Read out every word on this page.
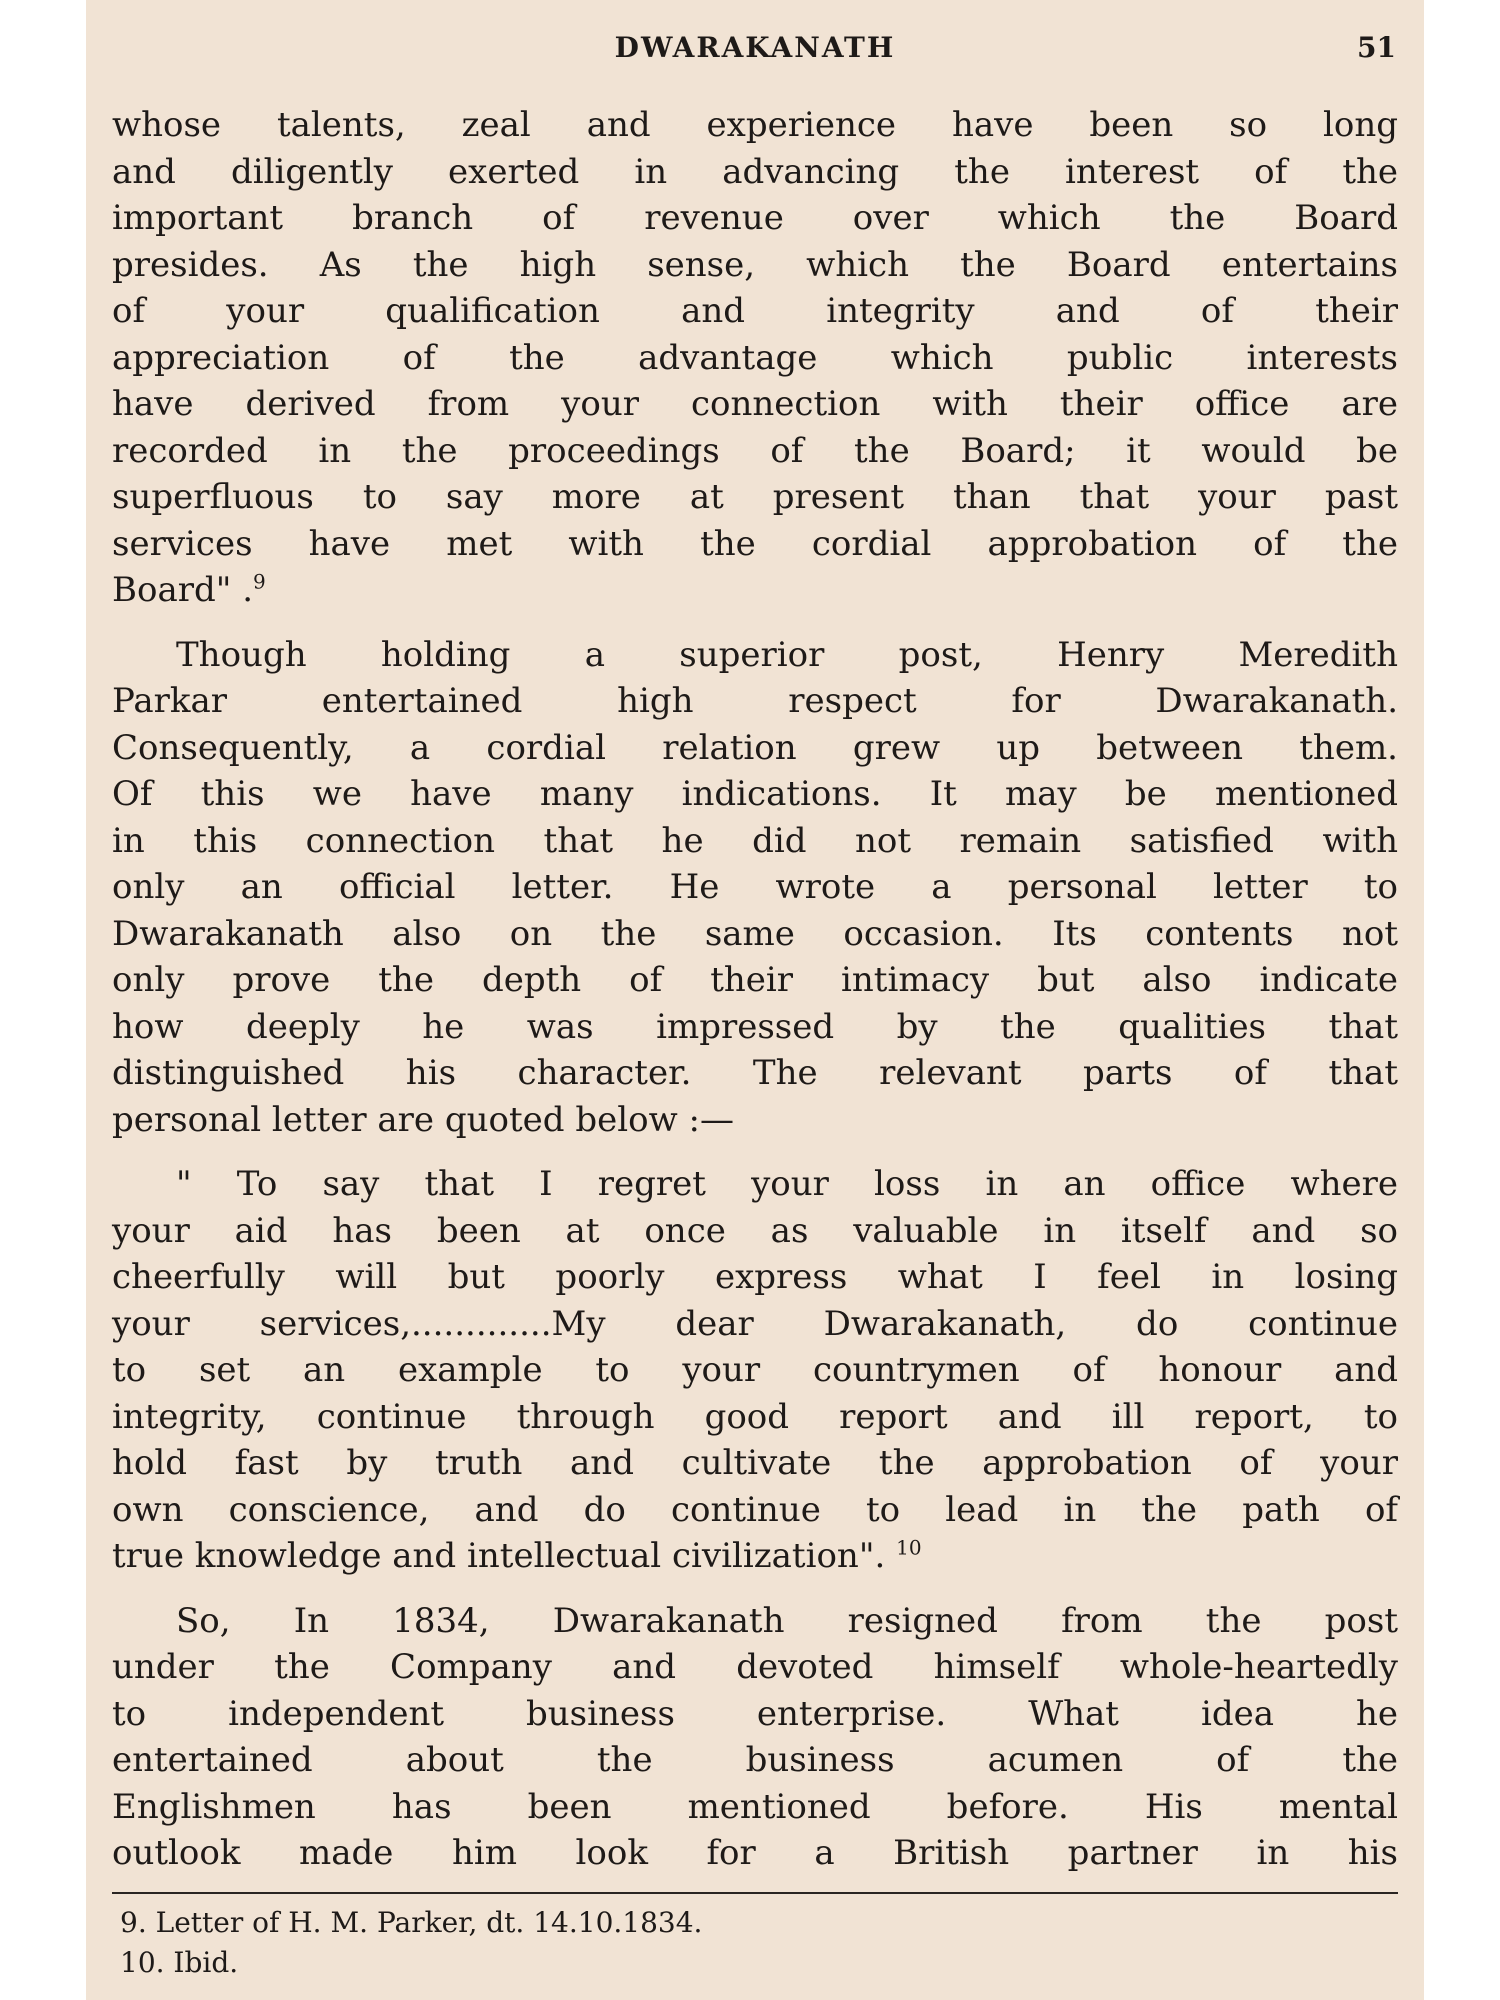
DWARAKANATH	51

whose talents, zeal and experience have been so long
and diligently exerted in advancing the interest of the
important branch of revenue over which the Board
presides. As the high sense, which the Board entertains
of your qualification and integrity and of their
appreciation of the advantage which public interests
have derived from your connection with their office are
recorded in the proceedings of the Board; it would be
superfluous to say more at present than that your past
services have met with the cordial approbation of the
Board" .$^9$

Though holding a superior post, Henry Meredith
Parkar entertained high respect for Dwarakanath.
Consequently, a cordial relation grew up between them.
Of this we have many indications. It may be mentioned
in this connection that he did not remain satisfied with
only an official letter. He wrote a personal letter to
Dwarakanath also on the same occasion. Its contents not
only prove the depth of their intimacy but also indicate
how deeply he was impressed by the qualities that
distinguished his character. The relevant parts of that
personal letter are quoted below :—

" To say that I regret your loss in an office where
your aid has been at once as valuable in itself and so
cheerfully will but poorly express what I feel in losing
your services,.............My dear Dwarakanath, do continue
to set an example to your countrymen of honour and
integrity, continue through good report and ill report, to
hold fast by truth and cultivate the approbation of your
own conscience, and do continue to lead in the path of
true knowledge and intellectual civilization". $^{10}$

So, In 1834, Dwarakanath resigned from the post
under the Company and devoted himself whole-heartedly
to independent business enterprise. What idea he
entertained about the business acumen of the
Englishmen has been mentioned before. His mental
outlook made him look for a British partner in his

9. Letter of H. M. Parker, dt. 14.10.1834.
10. Ibid.
